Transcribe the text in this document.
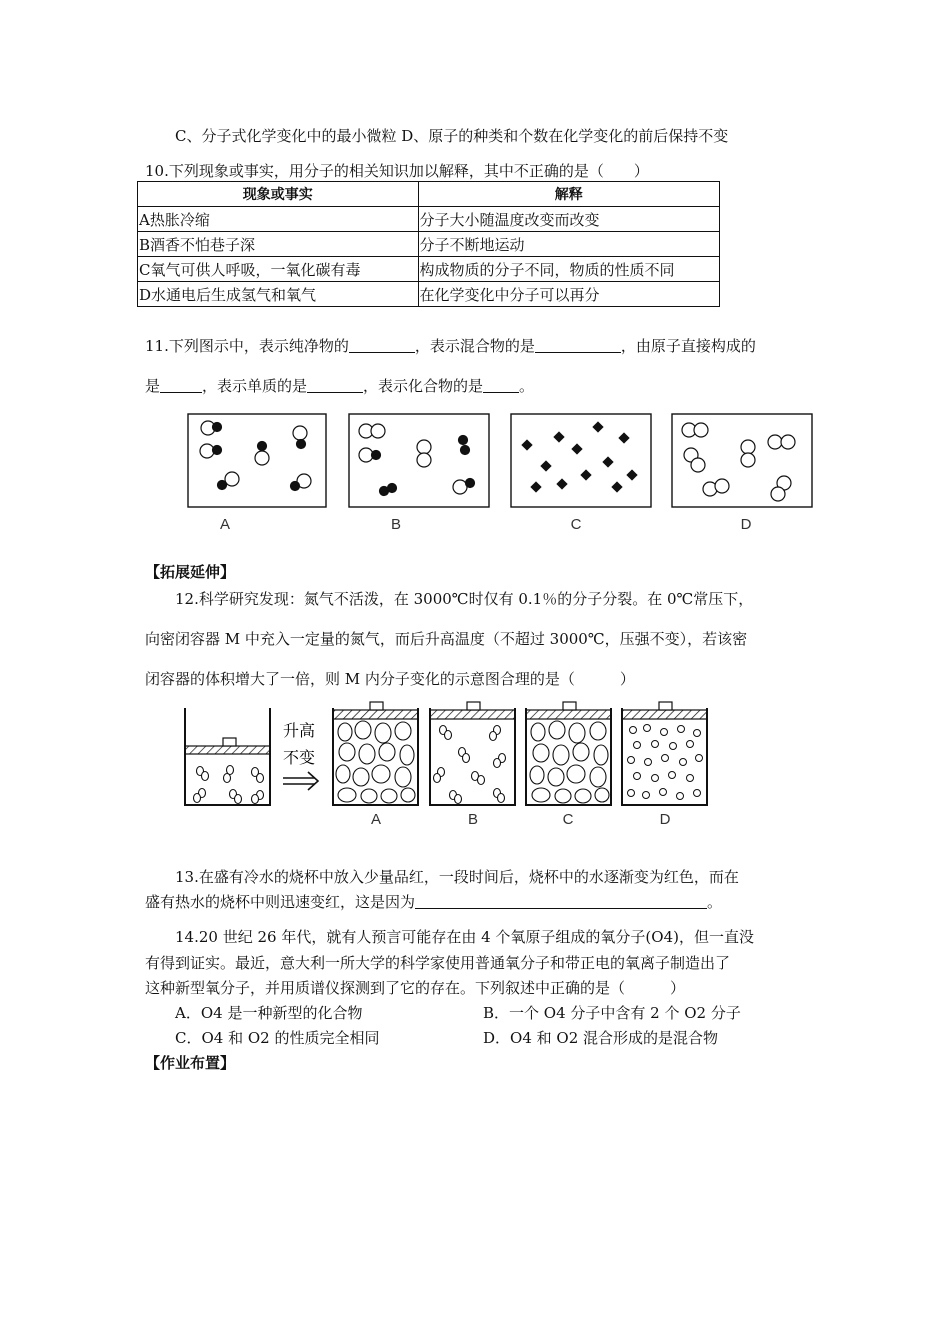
C、分子式化学变化中的最小微粒 D、原子的种类和个数在化学变化的前后保持不变
10.下列现象或事实，用分子的相关知识加以解释，其中不正确的是（　　）
现象或事实	解释
A热胀冷缩	分子大小随温度改变而改变
B酒香不怕巷子深	分子不断地运动
C氧气可供人呼吸，一氧化碳有毒	构成物质的分子不同，物质的性质不同
D水通电后生成氢气和氧气	在化学变化中分子可以再分
11.下列图示中，表示纯净物的	，表示混合物的是	，由原子直接构成的
是	，表示单质的是	，表示化合物的是 。
A	B	C	D
【拓展延伸】
12.科学研究发现：氮气不活泼，在 3000℃时仅有 0.1％的分子分裂。在 0℃常压下，
向密闭容器 M 中充入一定量的氮气，而后升高温度（不超过 3000℃，压强不变），若该密
闭容器的体积增大了一倍，则 M 内分子变化的示意图合理的是（　　　）
升高
不变
A	B	C	D
13.在盛有冷水的烧杯中放入少量品红，一段时间后，烧杯中的水逐渐变为红色，而在
盛有热水的烧杯中则迅速变红，这是因为	。
14.20 世纪 26 年代，就有人预言可能存在由 4 个氧原子组成的氧分子(O4)，但一直没
有得到证实。最近，意大利一所大学的科学家使用普通氧分子和带正电的氧离子制造出了
这种新型氧分子，并用质谱仪探测到了它的存在。下列叙述中正确的是（　　　）
A．O4 是一种新型的化合物	B．一个 O4 分子中含有 2 个 O2 分子
C．O4 和 O2 的性质完全相同	D．O4 和 O2 混合形成的是混合物
【作业布置】
